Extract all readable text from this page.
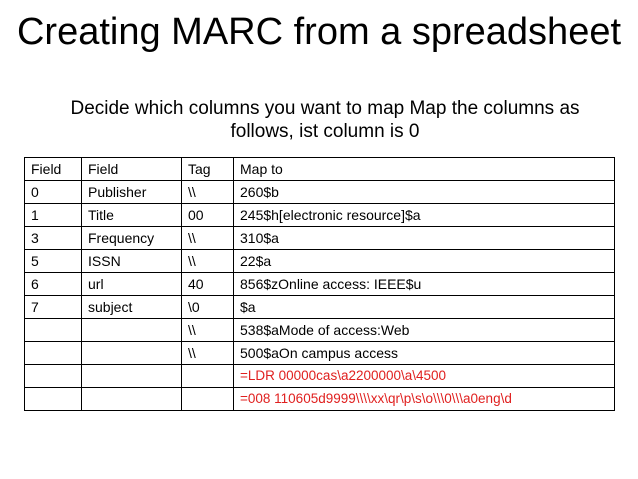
Creating MARC from a spreadsheet
Decide which columns you want to map Map the columns as follows, ist column is 0
Field	Field	Tag	Map to
0	Publisher	\\	260$b
1	Title	00	245$h[electronic resource]$a
3	Frequency	\\	310$a
5	ISSN	\\	22$a
6	url	40	856$zOnline access: IEEE$u
7	subject	\0	$a
		\\	538$aMode of access:Web
		\\	500$aOn campus access
			=LDR 00000cas\a2200000\a\4500
			=008 110605d9999\\\\xx\qr\p\s\o\\\0\\\a0eng\d
